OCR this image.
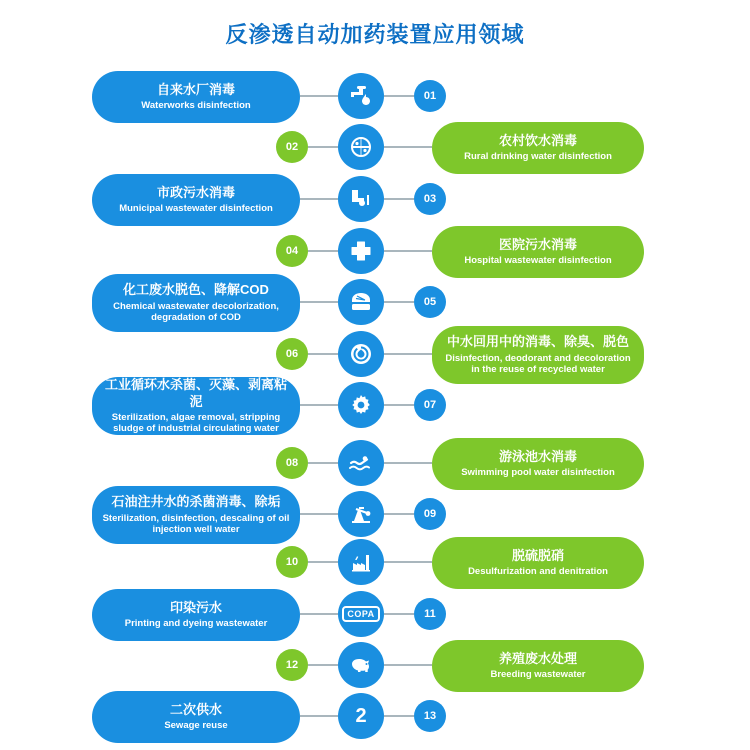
反渗透自动加药装置应用领域
自来水厂消毒
Waterworks disinfection
01
02	农村饮水消毒
Rural drinking water disinfection
市政污水消毒
Municipal wastewater disinfection
03
04	医院污水消毒
Hospital wastewater disinfection
化工废水脱色、降解COD
Chemical wastewater decolorization, degradation of COD
05
06
中水回用中的消毒、除臭、脱色
Disinfection, deodorant and decoloration in the reuse of recycled water
工业循环水杀菌、灭藻、剥离粘泥
Sterilization, algae removal, stripping sludge of industrial circulating water
07
08	游泳池水消毒
Swimming pool water disinfection
石油注井水的杀菌消毒、除垢
Sterilization, disinfection, descaling of oil injection well water
09
10	脱硫脱硝
Desulfurization and denitration
印染污水
Printing and dyeing wastewater
COPA	11
12	养殖废水处理
Breeding wastewater
二次供水
Sewage reuse	2	13
